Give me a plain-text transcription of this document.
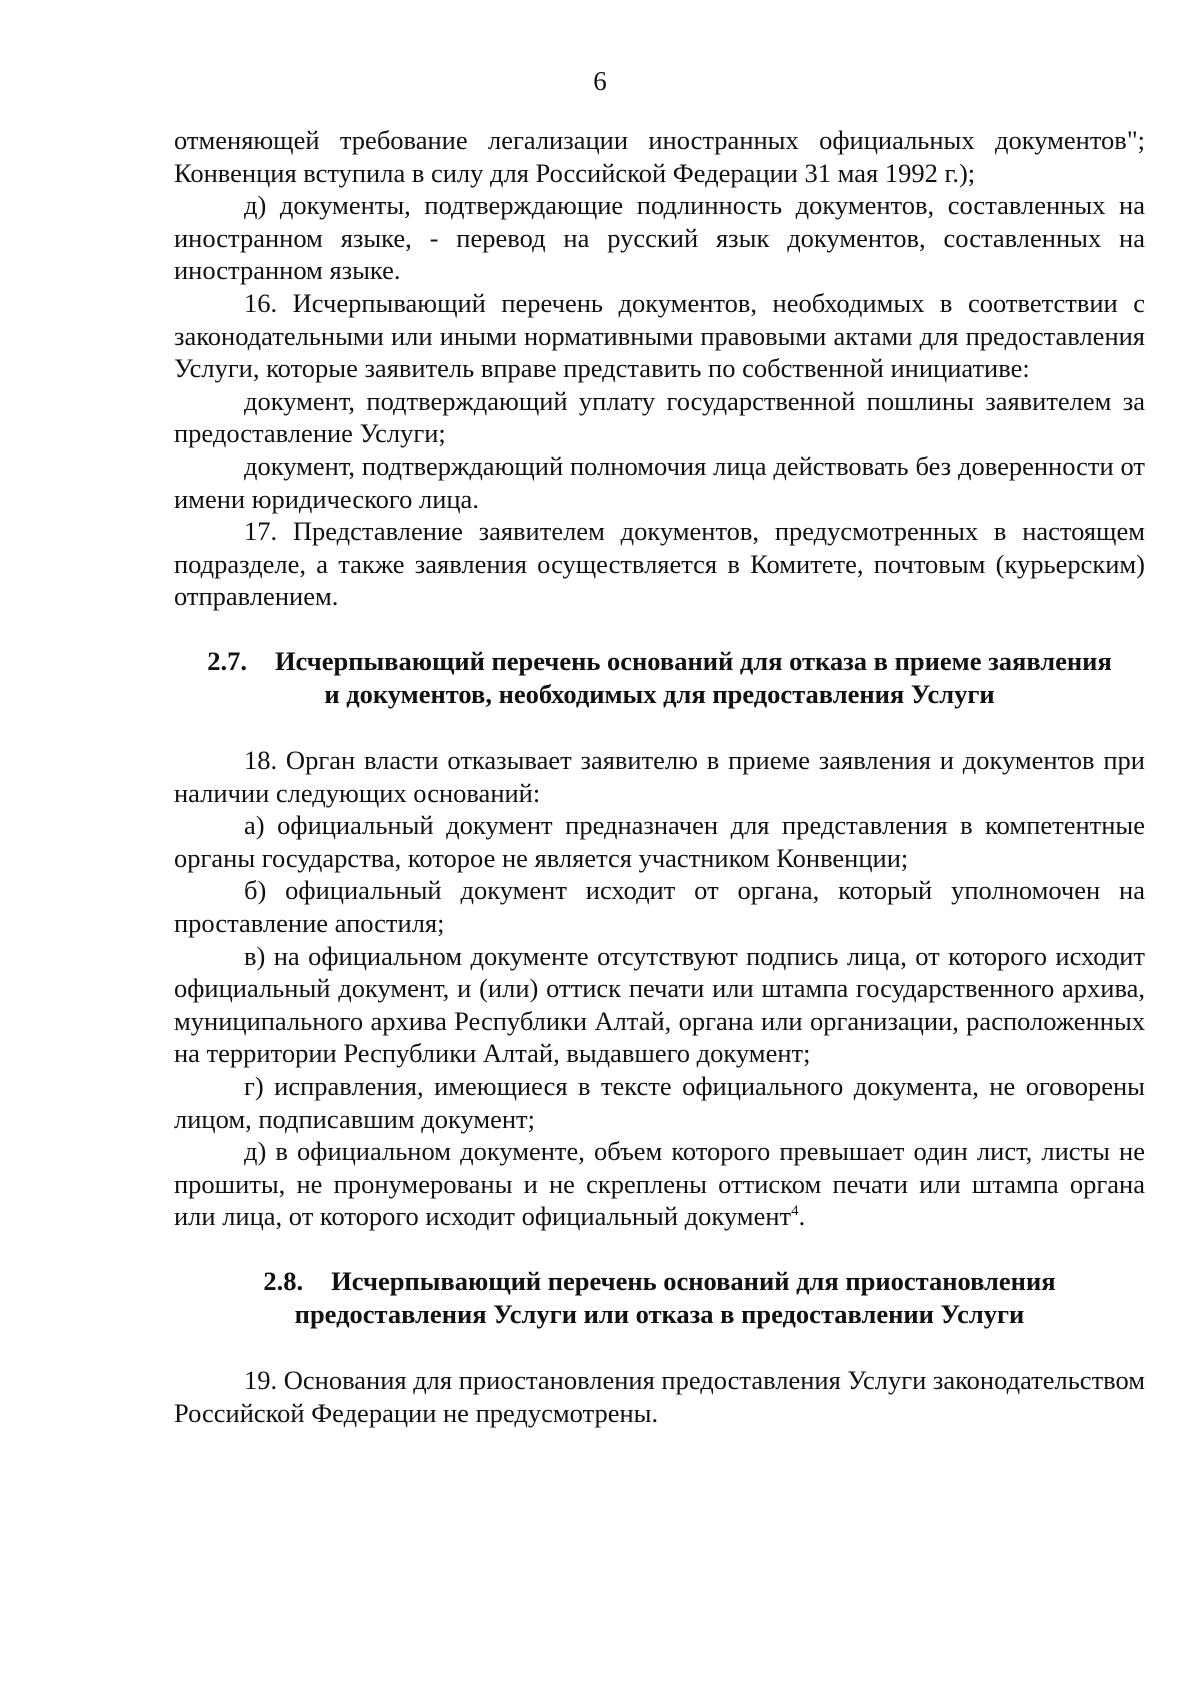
6

отменяющей требование легализации иностранных официальных документов"; Конвенция вступила в силу для Российской Федерации 31 мая 1992 г.);

д) документы, подтверждающие подлинность документов, составленных на иностранном языке, - перевод на русский язык документов, составленных на иностранном языке.

16. Исчерпывающий перечень документов, необходимых в соответствии с законодательными или иными нормативными правовыми актами для предоставления Услуги, которые заявитель вправе представить по собственной инициативе:

документ, подтверждающий уплату государственной пошлины заявителем за предоставление Услуги;

документ, подтверждающий полномочия лица действовать без доверенности от имени юридического лица.

17. Представление заявителем документов, предусмотренных в настоящем подразделе, а также заявления осуществляется в Комитете, почтовым (курьерским) отправлением.

2.7. Исчерпывающий перечень оснований для отказа в приеме заявления
и документов, необходимых для предоставления Услуги

18. Орган власти отказывает заявителю в приеме заявления и документов при наличии следующих оснований:

а) официальный документ предназначен для представления в компетентные органы государства, которое не является участником Конвенции;

б) официальный документ исходит от органа, который уполномочен на проставление апостиля;

в) на официальном документе отсутствуют подпись лица, от которого исходит официальный документ, и (или) оттиск печати или штампа государственного архива, муниципального архива Республики Алтай, органа или организации, расположенных на территории Республики Алтай, выдавшего документ;

г) исправления, имеющиеся в тексте официального документа, не оговорены лицом, подписавшим документ;

д) в официальном документе, объем которого превышает один лист, листы не прошиты, не пронумерованы и не скреплены оттиском печати или штампа органа или лица, от которого исходит официальный документ$^4$.

2.8. Исчерпывающий перечень оснований для приостановления
предоставления Услуги или отказа в предоставлении Услуги

19. Основания для приостановления предоставления Услуги законодательством Российской Федерации не предусмотрены.
